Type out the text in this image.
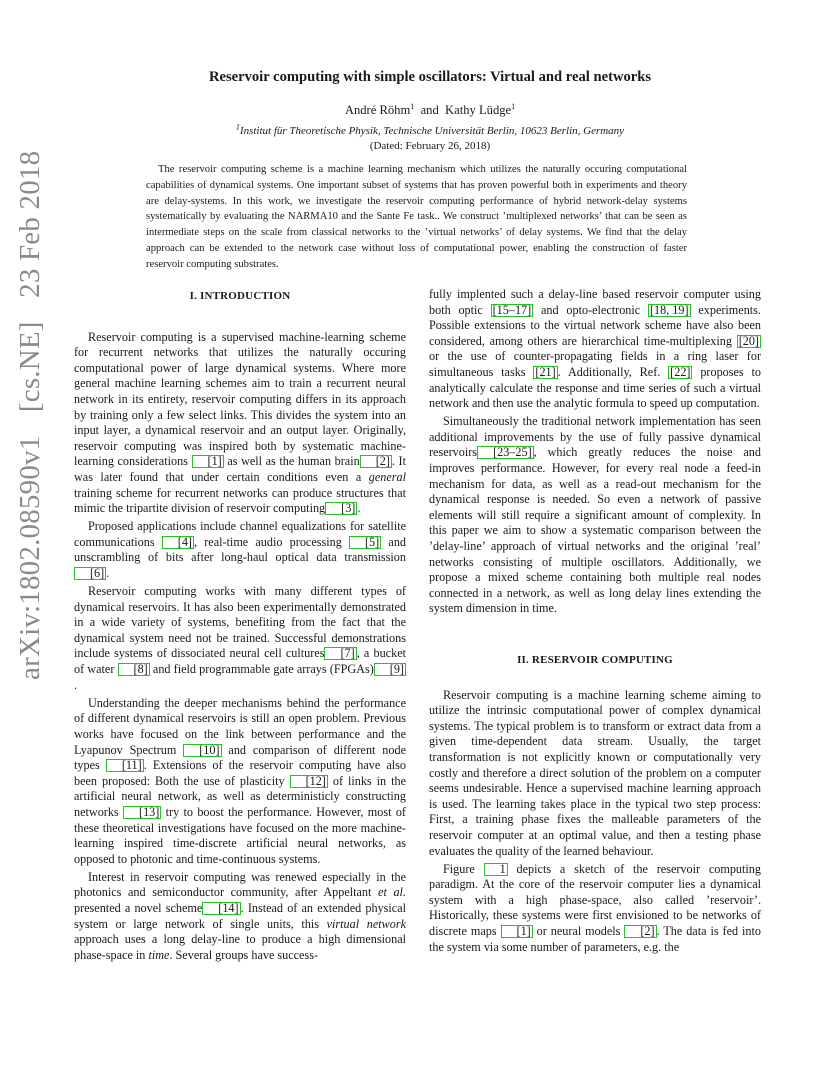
arXiv:1802.08590v1 [cs.NE] 23 Feb 2018
Reservoir computing with simple oscillators: Virtual and real networks
André Röhm$^1$ and Kathy Lüdge$^1$
$^1$Institut für Theoretische Physik, Technische Universität Berlin, 10623 Berlin, Germany
(Dated: February 26, 2018)
The reservoir computing scheme is a machine learning mechanism which utilizes the naturally occuring computational capabilities of dynamical systems. One important subset of systems that has proven powerful both in experiments and theory are delay-systems. In this work, we investigate the reservoir computing performance of hybrid network-delay systems systematically by evaluating the NARMA10 and the Sante Fe task.. We construct ’multiplexed networks’ that can be seen as intermediate steps on the scale from classical networks to the ’virtual networks’ of delay systems. We find that the delay approach can be extended to the network case without loss of computational power, enabling the construction of faster reservoir computing substrates.
I. INTRODUCTION

Reservoir computing is a supervised machine-learning scheme for recurrent networks that utilizes the naturally occuring computational power of large dynamical systems. Where more general machine learning schemes aim to train a recurrent neural network in its entirety, reservoir computing differs in its approach by training only a few select links. This divides the system into an input layer, a dynamical reservoir and an output layer. Originally, reservoir computing was inspired both by systematic machine-learning considerations [1] as well as the human brain [2] . It was later found that under certain conditions even a general training scheme for recurrent networks can produce structures that mimic the tripartite division of reservoir computing [3] .

Proposed applications include channel equalizations for satellite communications [4] , real-time audio processing [5] and unscrambling of bits after long-haul optical data transmission [6] .

Reservoir computing works with many different types of dynamical reservoirs. It has also been experimentally demonstrated in a wide variety of systems, benefiting from the fact that the dynamical system need not be trained. Successful demonstrations include systems of dissociated neural cell cultures [7] , a bucket of water [8] and field programmable gate arrays (FPGAs) [9].

Understanding the deeper mechanisms behind the performance of different dynamical reservoirs is still an open problem. Previous works have focused on the link between performance and the Lyapunov Spectrum [10] and comparison of different node types [11] . Extensions of the reservoir computing have also been proposed: Both the use of plasticity [12] of links in the artificial neural network, as well as deterministicly constructing networks [13] try to boost the performance. However, most of these theoretical investigations have focused on the more machine-learning inspired time-discrete artificial neural networks, as opposed to photonic and time-continuous systems.

Interest in reservoir computing was renewed especially in the photonics and semiconductor community, after Appeltant et al. presented a novel scheme [14] . Instead of an extended physical system or large network of single units, this virtual network approach uses a long delay-line to produce a high dimensional phase-space in time. Several groups have success-

fully implented such a delay-line based reservoir computer using both optic [15–17] and opto-electronic [18, 19] experiments. Possible extensions to the virtual network scheme have also been considered, among others are hierarchical time-multiplexing [20] or the use of counter-propagating fields in a ring laser for simultaneous tasks [21] . Additionally, Ref. [22] proposes to analytically calculate the response and time series of such a virtual network and then use the analytic formula to speed up computation.

Simultaneously the traditional network implementation has seen additional improvements by the use of fully passive dynamical reservoirs [23–25] , which greatly reduces the noise and improves performance. However, for every real node a feed-in mechanism for data, as well as a read-out mechanism for the dynamical response is needed. So even a network of passive elements will still require a significant amount of complexity. In this paper we aim to show a systematic comparison between the ’delay-line’ approach of virtual networks and the original ’real’ networks consisting of multiple oscillators. Additionally, we propose a mixed scheme containing both multiple real nodes connected in a network, as well as long delay lines extending the system dimension in time.

II. RESERVOIR COMPUTING

Reservoir computing is a machine learning scheme aiming to utilize the intrinsic computational power of complex dynamical systems. The typical problem is to transform or extract data from a given time-dependent data stream. Usually, the target transformation is not explicitly known or computationally very costly and therefore a direct solution of the problem on a computer seems undesirable. Hence a supervised machine learning approach is used. The learning takes place in the typical two step process: First, a training phase fixes the malleable parameters of the reservoir computer at an optimal value, and then a testing phase evaluates the quality of the learned behaviour.

Figure 1 depicts a sketch of the reservoir computing paradigm. At the core of the reservoir computer lies a dynamical system with a high phase-space, also called ’reservoir’. Historically, these systems were first envisioned to be networks of discrete maps [1] or neural models [2] . The data is fed into the system via some number of parameters, e.g. the
